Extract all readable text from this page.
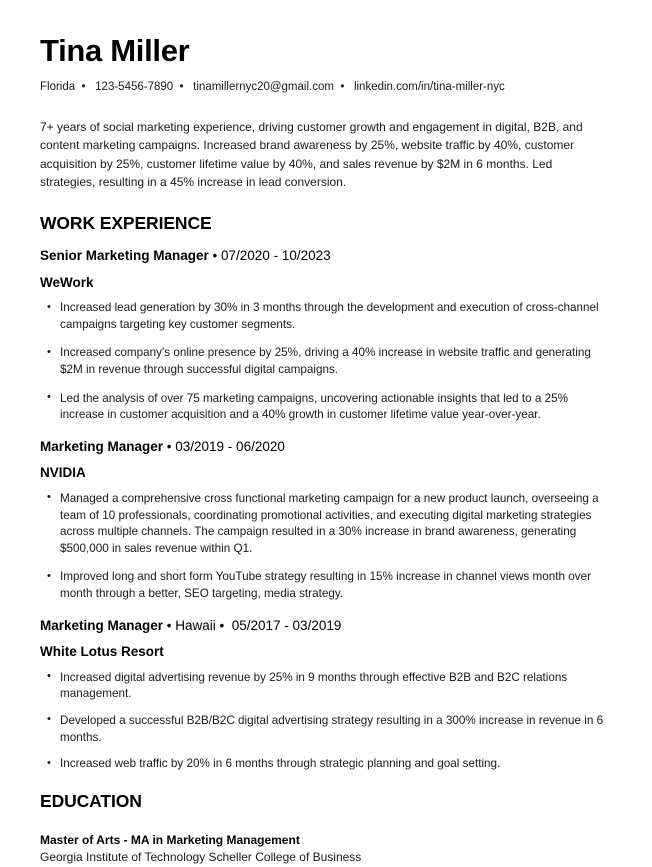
Tina Miller
Florida  •   123-5456-7890  •   tinamillernyc20@gmail.com  •   linkedin.com/in/tina-miller-nyc

7+ years of social marketing experience, driving customer growth and engagement in digital, B2B, and content marketing campaigns. Increased brand awareness by 25%, website traffic by 40%, customer acquisition by 25%, customer lifetime value by 40%, and sales revenue by $2M in 6 months. Led strategies, resulting in a 45% increase in lead conversion.

WORK EXPERIENCE
Senior Marketing Manager • 07/2020 - 10/2023
WeWork
• Increased lead generation by 30% in 3 months through the development and execution of cross-channel campaigns targeting key customer segments.
• Increased company's online presence by 25%, driving a 40% increase in website traffic and generating $2M in revenue through successful digital campaigns.
• Led the analysis of over 75 marketing campaigns, uncovering actionable insights that led to a 25% increase in customer acquisition and a 40% growth in customer lifetime value year-over-year.
Marketing Manager • 03/2019 - 06/2020
NVIDIA
• Managed a comprehensive cross functional marketing campaign for a new product launch, overseeing a team of 10 professionals, coordinating promotional activities, and executing digital marketing strategies across multiple channels. The campaign resulted in a 30% increase in brand awareness, generating $500,000 in sales revenue within Q1.
• Improved long and short form YouTube strategy resulting in 15% increase in channel views month over month through a better, SEO targeting, media strategy.
Marketing Manager • Hawaii •  05/2017 - 03/2019
White Lotus Resort
• Increased digital advertising revenue by 25% in 9 months through effective B2B and B2C relations management.
• Developed a successful B2B/B2C digital advertising strategy resulting in a 300% increase in revenue in 6 months.
• Increased web traffic by 20% in 6 months through strategic planning and goal setting.
EDUCATION
Master of Arts - MA in Marketing Management
Georgia Institute of Technology Scheller College of Business
